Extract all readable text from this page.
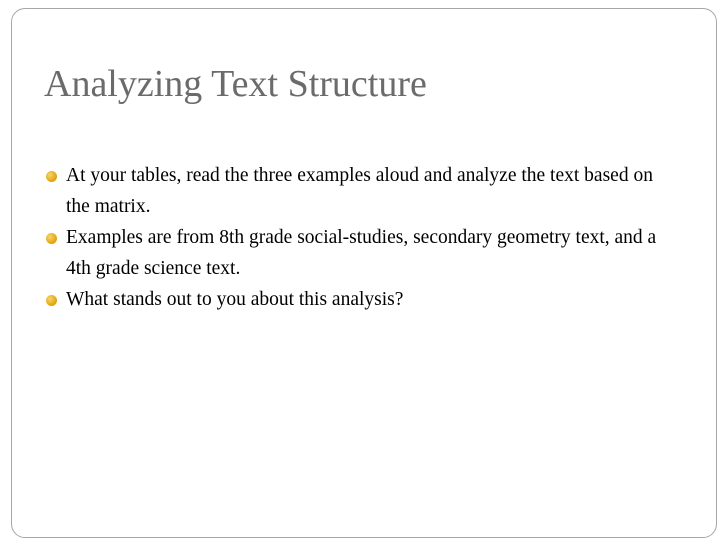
Analyzing Text Structure
At your tables, read the three examples aloud and analyze the text based on the matrix.
Examples are from 8th grade social-studies, secondary geometry text, and a 4th grade science text.
What stands out to you about this analysis?
